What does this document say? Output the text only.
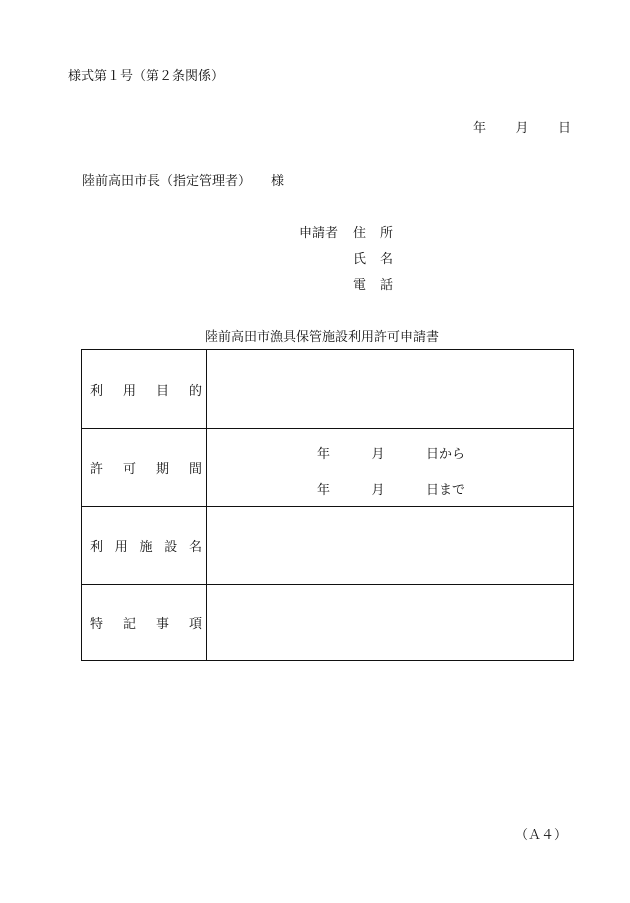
様式第１号（第２条関係）
年 月 日
陸前高田市長（指定管理者） 様
申請者 住 所
氏 名
電 話
陸前高田市漁具保管施設利用許可申請書
利 用 目 的
許 可 期 間
年	月	日から
年	月	日まで
利 用 施 設 名
特 記 事 項
（Ａ４）
